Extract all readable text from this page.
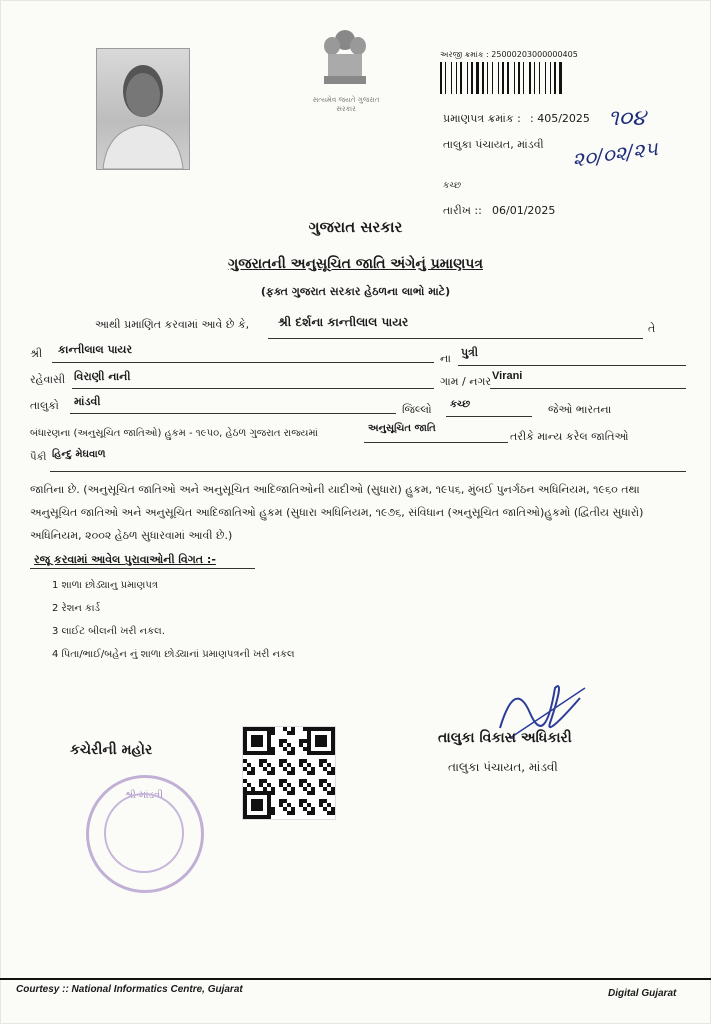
સત્યમેવ જયતે ગુજરાત સરકાર
અરજી ક્રમાંક : 25000203000000405
પ્રમાણપત્ર ક્રમાંક : : 405/2025 ૧૦૪
તાલુકા પંચાયત, માંડવી ૨૦/૦૨/૨૫
કચ્છ
તારીખ :: 06/01/2025
ગુજરાત સરકાર
ગુજરાતની અનુસૂચિત જાતિ અંગેનું પ્રમાણપત્ર
(ફક્ત ગુજરાત સરકાર હેઠળના લાભો માટે)
આથી પ્રમાણિત કરવામાં આવે છે કે, શ્રી દર્શના કાન્તીલાલ પાયર	તે
શ્રી કાન્તીલાલ પાયર
ના પુત્રી
રહેવાસી વિરાણી નાની	ગામ / નગર Virani
તાલુકો માંડવી
જિલ્લો કચ્છ	જેઓ ભારતના
બંધારણના (અનુસૂચિત જાતિઓ) હુકમ - ૧૯૫૦, હેઠળ ગુજરાત રાજ્યમાં	અનુસૂચિત જાતિ
તરીકે માન્ય કરેલ જાતિઓ
પૈકી હિન્દુ મેઘવાળ
જાતિના છે. (અનુસૂચિત જાતિઓ અને અનુસૂચિત આદિજાતિઓની યાદીઓ (સુધારા) હુકમ, ૧૯૫૬, મુંબઈ પુનર્ગઠન અધિનિયમ, ૧૯૬૦ તથા
અનુસૂચિત જાતિઓ અને અનુસૂચિત આદિજાતિઓ હુકમ (સુધારા અધિનિયમ, ૧૯૭૬, સંવિધાન (અનુસૂચિત જાતિઓ)હુકમો (દ્વિતીય સુધારો)
અધિનિયમ, ૨૦૦૨ હેઠળ સુધારવામાં આવી છે.)
રજૂ કરવામાં આવેલ પુરાવાઓની વિગત :-
1 શાળા છોડ્યાનુ પ્રમાણપત્ર
2 રેશન કાર્ડ
3 લાઈટ બીલની ખરી નકલ.
4 પિતા/ભાઈ/બહેન નું શાળા છોડ્યાનાં પ્રમાણપત્રની ખરી નકલ
કચેરીની મહોર
તાલુકા વિકાસ અધિકારી
તાલુકા પંચાયત, માંડવી
શ્રી માંડવી
Courtesy :: National Informatics Centre, Gujarat	Digital Gujarat
